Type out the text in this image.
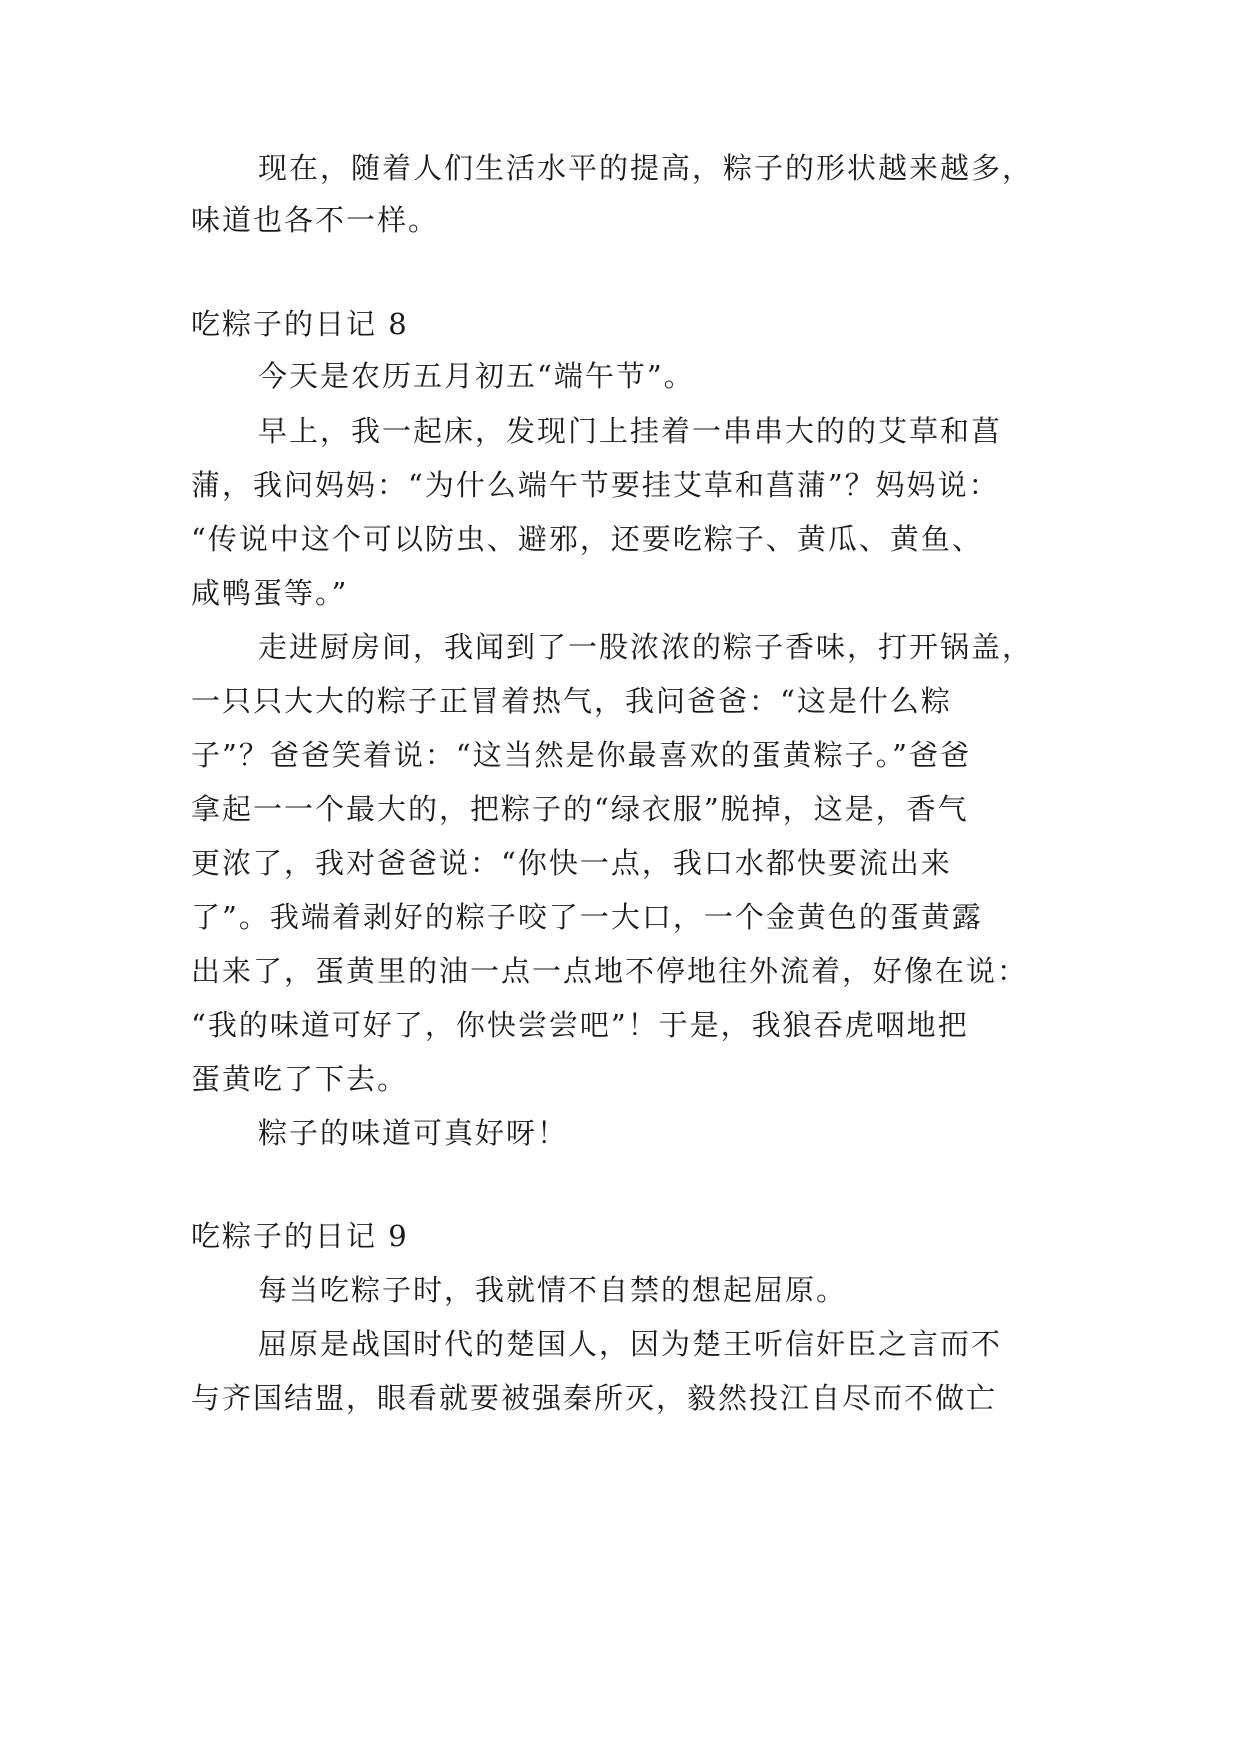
现在，随着人们生活水平的提高，粽子的形状越来越多，
味道也各不一样。
吃粽子的日记 8
今天是农历五月初五“端午节”。
早上，我一起床，发现门上挂着一串串大的的艾草和菖
蒲，我问妈妈：“为什么端午节要挂艾草和菖蒲”？妈妈说：
“传说中这个可以防虫、避邪，还要吃粽子、黄瓜、黄鱼、
咸鸭蛋等。”
走进厨房间，我闻到了一股浓浓的粽子香味，打开锅盖，
一只只大大的粽子正冒着热气，我问爸爸：“这是什么粽
子”？爸爸笑着说：“这当然是你最喜欢的蛋黄粽子。”爸爸
拿起一一个最大的，把粽子的“绿衣服”脱掉，这是，香气
更浓了，我对爸爸说：“你快一点，我口水都快要流出来
了”。我端着剥好的粽子咬了一大口，一个金黄色的蛋黄露
出来了，蛋黄里的油一点一点地不停地往外流着，好像在说：
“我的味道可好了，你快尝尝吧”！于是，我狼吞虎咽地把
蛋黄吃了下去。
粽子的味道可真好呀！
吃粽子的日记 9
每当吃粽子时，我就情不自禁的想起屈原。
屈原是战国时代的楚国人，因为楚王听信奸臣之言而不
与齐国结盟，眼看就要被强秦所灭，毅然投江自尽而不做亡
